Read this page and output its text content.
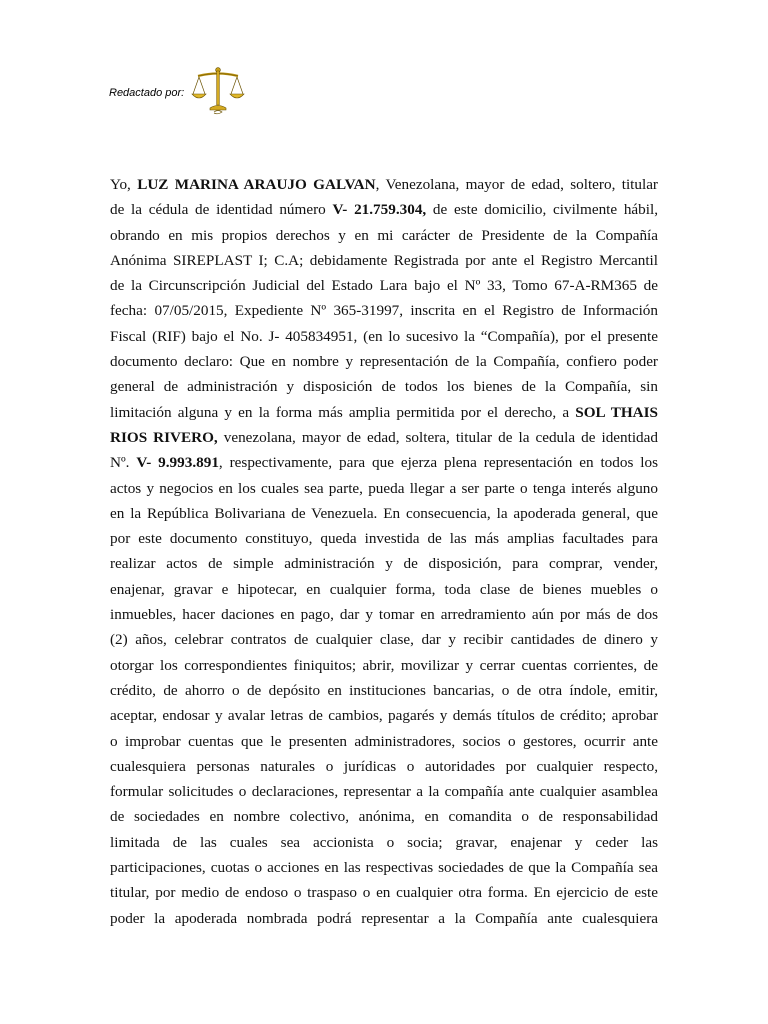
Redactado por:
Yo, LUZ MARINA ARAUJO GALVAN, Venezolana, mayor de edad, soltero, titular
de la cédula de identidad número V- 21.759.304, de este domicilio, civilmente hábil,
obrando en mis propios derechos y en mi carácter de Presidente de la Compañía
Anónima SIREPLAST I; C.A; debidamente Registrada por ante el Registro Mercantil
de la Circunscripción Judicial del Estado Lara bajo el Nº 33, Tomo 67-A-RM365 de
fecha: 07/05/2015, Expediente Nº 365-31997, inscrita en el Registro de Información
Fiscal (RIF) bajo el No. J- 405834951, (en lo sucesivo la “Compañía), por el presente
documento declaro: Que en nombre y representación de la Compañía, confiero poder
general de administración y disposición de todos los bienes de la Compañía, sin
limitación alguna y en la forma más amplia permitida por el derecho, a SOL THAIS
RIOS RIVERO, venezolana, mayor de edad, soltera, titular de la cedula de identidad
Nº. V- 9.993.891, respectivamente, para que ejerza plena representación en todos los
actos y negocios en los cuales sea parte, pueda llegar a ser parte o tenga interés alguno
en la República Bolivariana de Venezuela. En consecuencia, la apoderada general, que
por este documento constituyo, queda investida de las más amplias facultades para
realizar actos de simple administración y de disposición, para comprar, vender,
enajenar, gravar e hipotecar, en cualquier forma, toda clase de bienes muebles o
inmuebles, hacer daciones en pago, dar y tomar en arredramiento aún por más de dos
(2) años, celebrar contratos de cualquier clase, dar y recibir cantidades de dinero y
otorgar los correspondientes finiquitos; abrir, movilizar y cerrar cuentas corrientes, de
crédito, de ahorro o de depósito en instituciones bancarias, o de otra índole, emitir,
aceptar, endosar y avalar letras de cambios, pagarés y demás títulos de crédito; aprobar
o improbar cuentas que le presenten administradores, socios o gestores, ocurrir ante
cualesquiera personas naturales o jurídicas o autoridades por cualquier respecto,
formular solicitudes o declaraciones, representar a la compañía ante cualquier asamblea
de sociedades en nombre colectivo, anónima, en comandita o de responsabilidad
limitada de las cuales sea accionista o socia; gravar, enajenar y ceder las
participaciones, cuotas o acciones en las respectivas sociedades de que la Compañía sea
titular, por medio de endoso o traspaso o en cualquier otra forma. En ejercicio de este
poder la apoderada nombrada podrá representar a la Compañía ante cualesquiera
